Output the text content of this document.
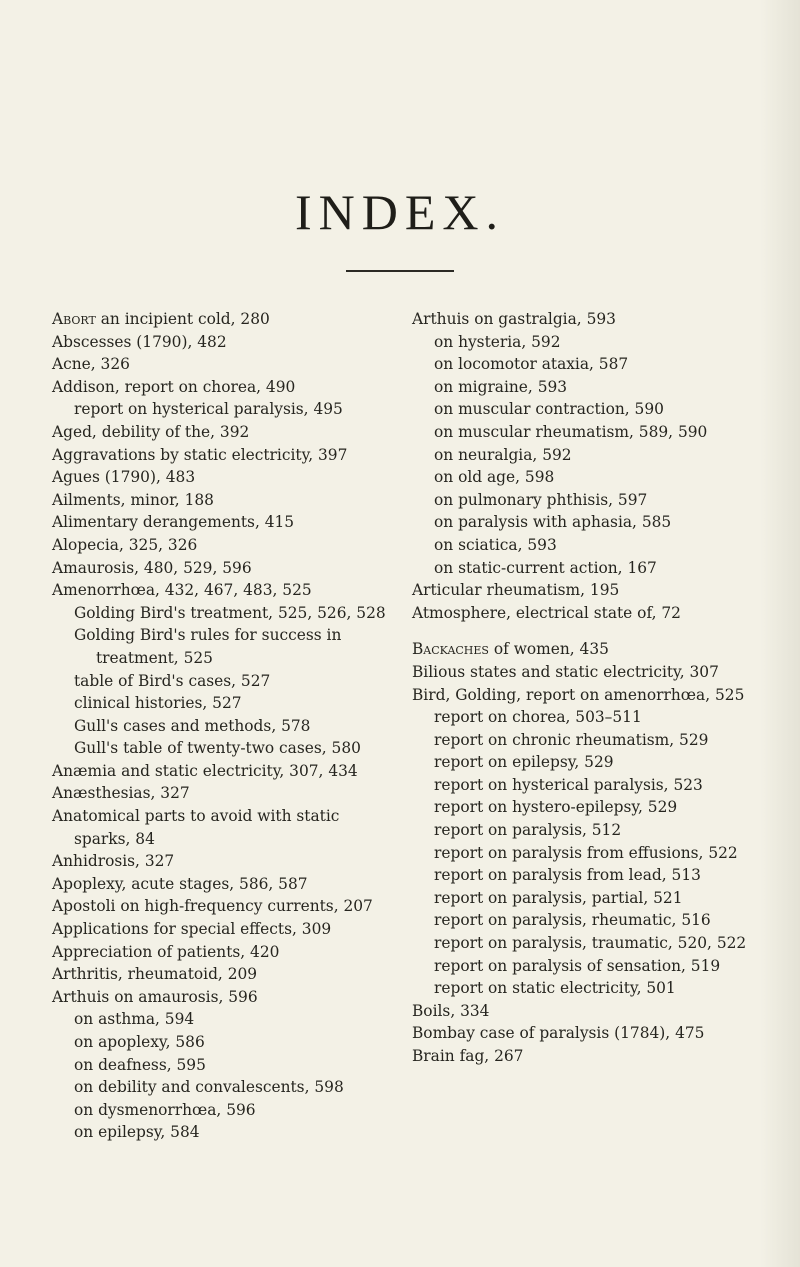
INDEX.
Abort an incipient cold, 280
Abscesses (1790), 482
Acne, 326
Addison, report on chorea, 490
report on hysterical paralysis, 495
Aged, debility of the, 392
Aggravations by static electricity, 397
Agues (1790), 483
Ailments, minor, 188
Alimentary derangements, 415
Alopecia, 325, 326
Amaurosis, 480, 529, 596
Amenorrhœa, 432, 467, 483, 525
Golding Bird's treatment, 525, 526, 528
Golding Bird's rules for success in treatment, 525
table of Bird's cases, 527
clinical histories, 527
Gull's cases and methods, 578
Gull's table of twenty-two cases, 580
Anæmia and static electricity, 307, 434
Anæsthesias, 327
Anatomical parts to avoid with static sparks, 84
Anhidrosis, 327
Apoplexy, acute stages, 586, 587
Apostoli on high-frequency currents, 207
Applications for special effects, 309
Appreciation of patients, 420
Arthritis, rheumatoid, 209
Arthuis on amaurosis, 596
on asthma, 594
on apoplexy, 586
on deafness, 595
on debility and convalescents, 598
on dysmenorrhœa, 596
on epilepsy, 584
Arthuis on gastralgia, 593
on hysteria, 592
on locomotor ataxia, 587
on migraine, 593
on muscular contraction, 590
on muscular rheumatism, 589, 590
on neuralgia, 592
on old age, 598
on pulmonary phthisis, 597
on paralysis with aphasia, 585
on sciatica, 593
on static-current action, 167
Articular rheumatism, 195
Atmosphere, electrical state of, 72
Backaches of women, 435
Bilious states and static electricity, 307
Bird, Golding, report on amenorrhœa, 525
report on chorea, 503–511
report on chronic rheumatism, 529
report on epilepsy, 529
report on hysterical paralysis, 523
report on hystero-epilepsy, 529
report on paralysis, 512
report on paralysis from effusions, 522
report on paralysis from lead, 513
report on paralysis, partial, 521
report on paralysis, rheumatic, 516
report on paralysis, traumatic, 520, 522
report on paralysis of sensation, 519
report on static electricity, 501
Boils, 334
Bombay case of paralysis (1784), 475
Brain fag, 267
